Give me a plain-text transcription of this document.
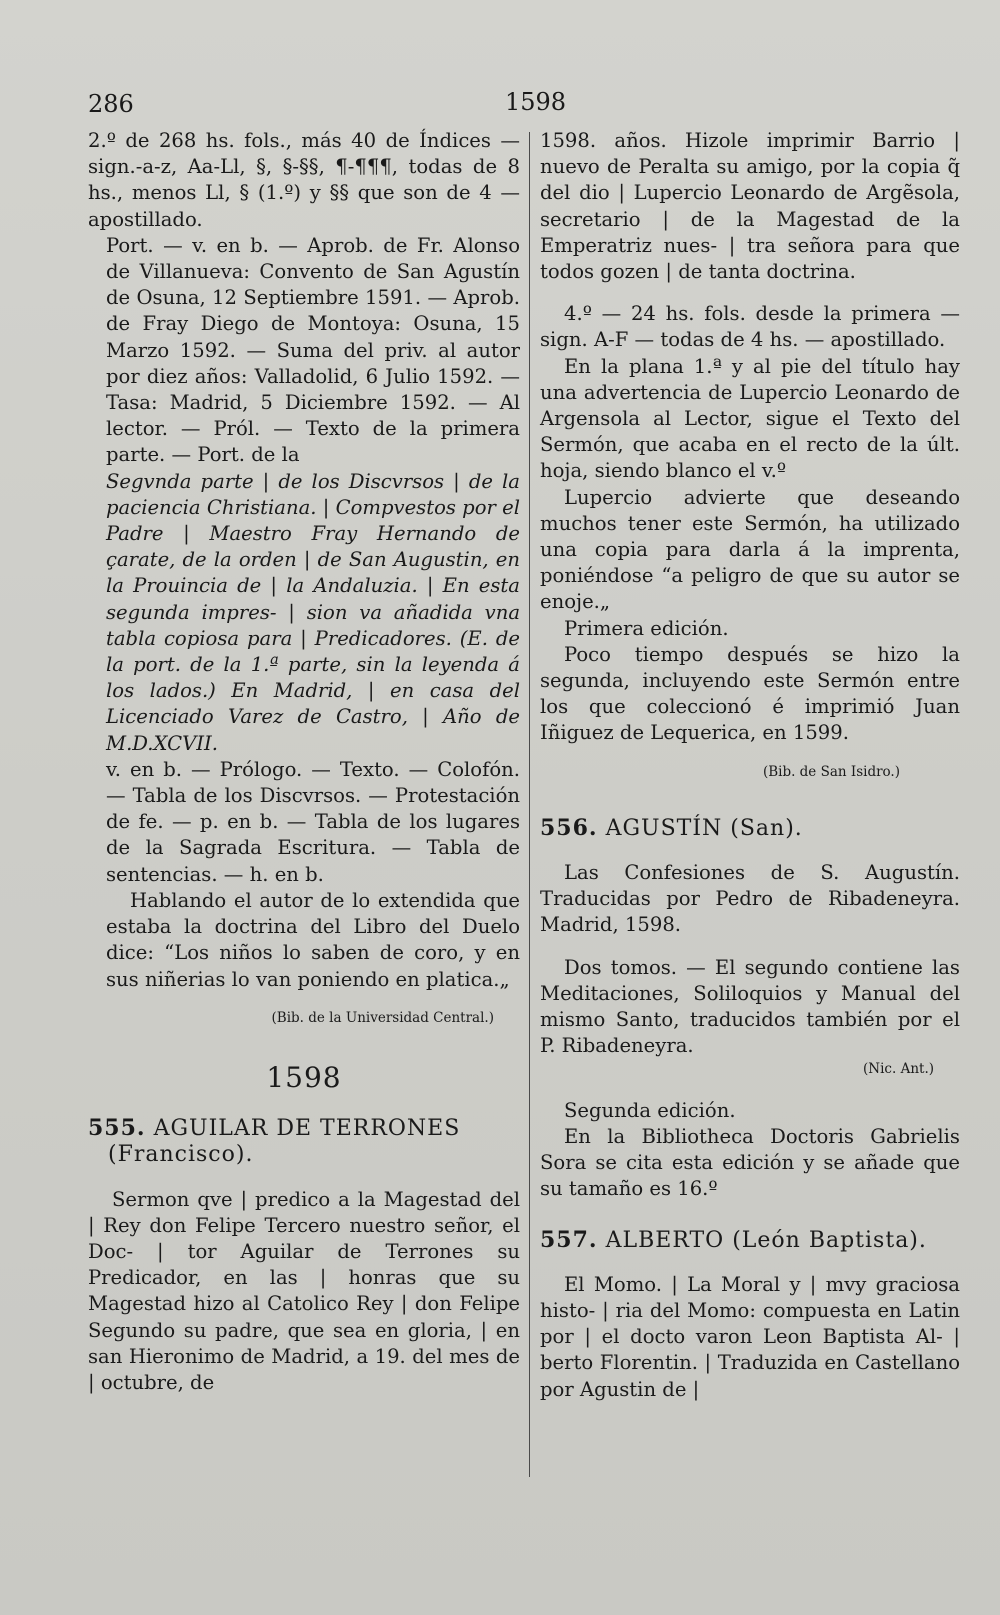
286	1598

2.º de 268 hs. fols., más 40 de Índices — sign.-a-z, Aa-Ll, §, §-§§, ¶-¶¶¶, todas de 8 hs., menos Ll, § (1.º) y §§ que son de 4 — apostillado.

Port. — v. en b. — Aprob. de Fr. Alonso de Villanueva: Convento de San Agustín de Osuna, 12 Septiembre 1591. — Aprob. de Fray Diego de Montoya: Osuna, 15 Marzo 1592. — Suma del priv. al autor por diez años: Valladolid, 6 Julio 1592. — Tasa: Madrid, 5 Diciembre 1592. — Al lector. — Pról. — Texto de la primera parte. — Port. de la

Segvnda parte | de los Discvrsos | de la paciencia Christiana. | Compvestos por el Padre | Maestro Fray Hernando de çarate, de la orden | de San Augustin, en la Prouincia de | la Andaluzia. | En esta segunda impres- | sion va añadida vna tabla copiosa para | Predicadores. (E. de la port. de la 1.ª parte, sin la leyenda á los lados.) En Madrid, | en casa del Licenciado Varez de Castro, | Año de M.D.XCVII.

v. en b. — Prólogo. — Texto. — Colofón. — Tabla de los Discvrsos. — Protestación de fe. — p. en b. — Tabla de los lugares de la Sagrada Escritura. — Tabla de sentencias. — h. en b.

Hablando el autor de lo extendida que estaba la doctrina del Libro del Duelo dice: “Los niños lo saben de coro, y en sus niñerias lo van poniendo en platica.„

(Bib. de la Universidad Central.)

1598
555. AGUILAR DE TERRONES
(Francisco).

Sermon qve | predico a la Magestad del | Rey don Felipe Tercero nuestro señor, el Doc- | tor Aguilar de Terrones su Predicador, en las | honras que su Magestad hizo al Catolico Rey | don Felipe Segundo su padre, que sea en gloria, | en san Hieronimo de Madrid, a 19. del mes de | octubre, de

1598. años. Hizole imprimir Barrio | nuevo de Peralta su amigo, por la copia q̃ del dio | Lupercio Leonardo de Argẽsola, secretario | de la Magestad de la Emperatriz nues- | tra señora para que todos gozen | de tanta doctrina.

4.º — 24 hs. fols. desde la primera — sign. A-F — todas de 4 hs. — apostillado.

En la plana 1.ª y al pie del título hay una advertencia de Lupercio Leonardo de Argensola al Lector, sigue el Texto del Sermón, que acaba en el recto de la últ. hoja, siendo blanco el v.º

Lupercio advierte que deseando muchos tener este Sermón, ha utilizado una copia para darla á la imprenta, poniéndose “a peligro de que su autor se enoje.„

Primera edición.

Poco tiempo después se hizo la segunda, incluyendo este Sermón entre los que coleccionó é imprimió Juan Iñiguez de Lequerica, en 1599.

(Bib. de San Isidro.)

556. AGUSTÍN (San).

Las Confesiones de S. Augustín. Traducidas por Pedro de Ribadeneyra. Madrid, 1598.

Dos tomos. — El segundo contiene las Meditaciones, Soliloquios y Manual del mismo Santo, traducidos también por el P. Ribadeneyra.

(Nic. Ant.)

Segunda edición.

En la Bibliotheca Doctoris Gabrielis Sora se cita esta edición y se añade que su tamaño es 16.º

557. ALBERTO (León Baptista).

El Momo. | La Moral y | mvy graciosa histo- | ria del Momo: compuesta en Latin por | el docto varon Leon Baptista Al- | berto Florentin. | Traduzida en Castellano por Agustin de |
